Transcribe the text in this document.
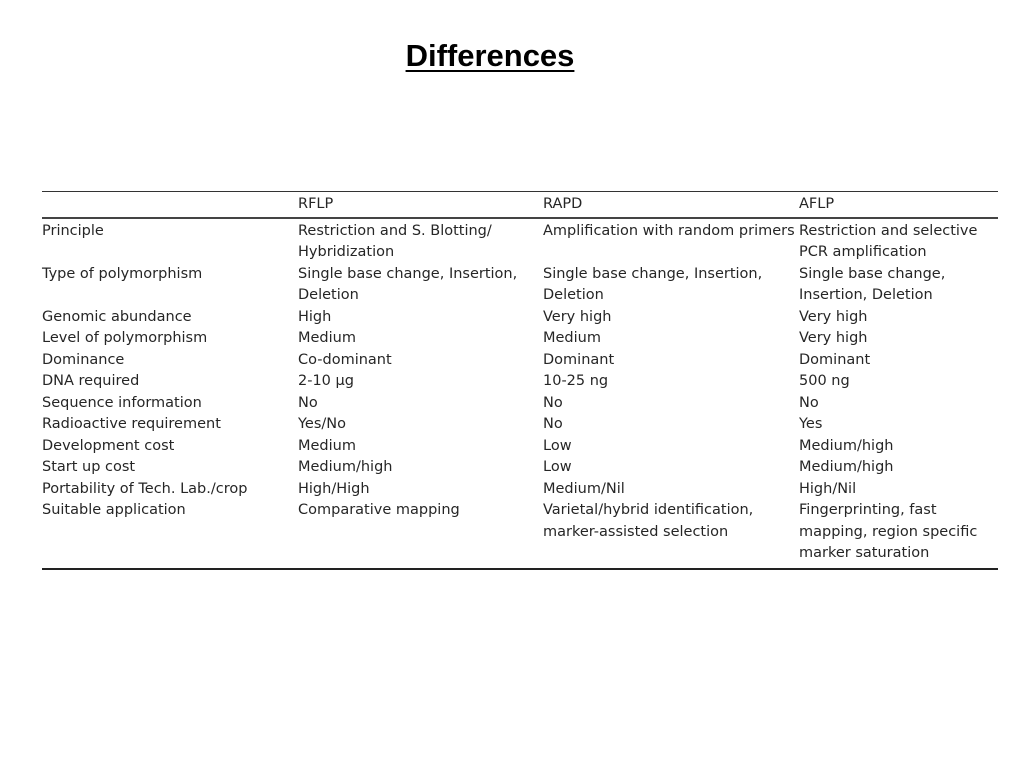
Differences
	RFLP	RAPD	AFLP
Principle	Restriction and S. Blotting/ Hybridization	Amplification with random primers	Restriction and selective PCR amplification
Type of polymorphism	Single base change, Insertion, Deletion	Single base change, Insertion, Deletion	Single base change, Insertion, Deletion
Genomic abundance	High	Very high	Very high
Level of polymorphism	Medium	Medium	Very high
Dominance	Co-dominant	Dominant	Dominant
DNA required	2-10 μg	10-25 ng	500 ng
Sequence information	No	No	No
Radioactive requirement	Yes/No	No	Yes
Development cost	Medium	Low	Medium/high
Start up cost	Medium/high	Low	Medium/high
Portability of Tech. Lab./crop	High/High	Medium/Nil	High/Nil
Suitable application	Comparative mapping	Varietal/hybrid identification, marker-assisted selection	Fingerprinting, fast mapping, region specific marker saturation
